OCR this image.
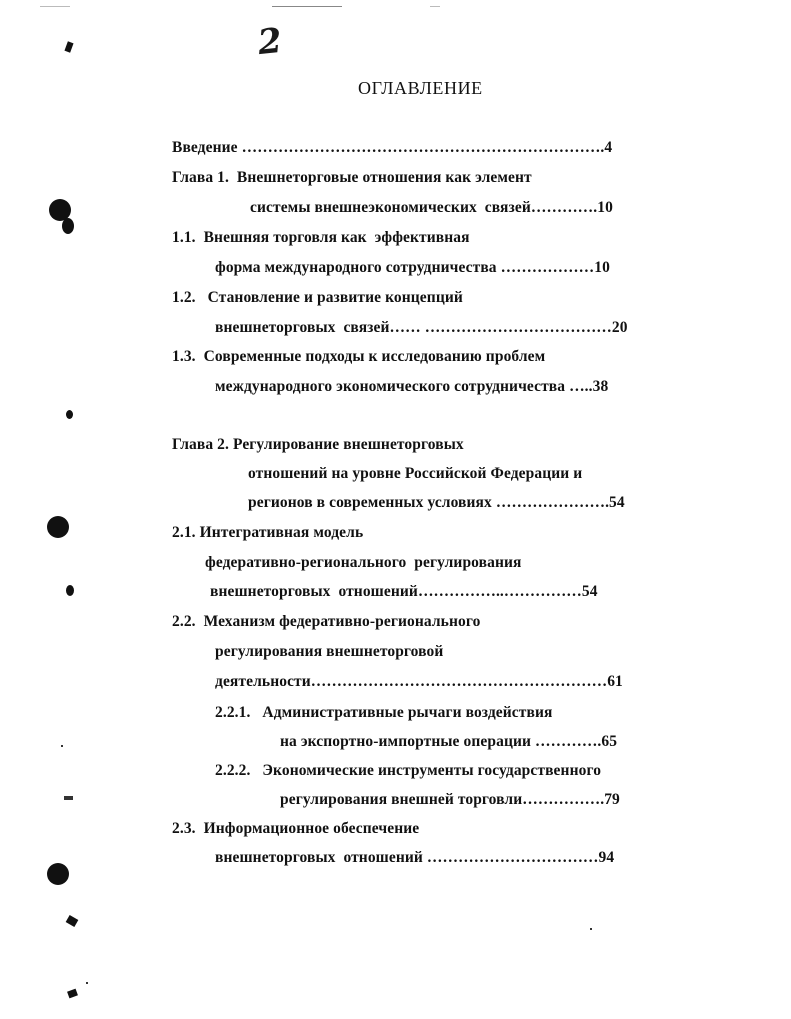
2
ОГЛАВЛЕНИЕ
Введение …………………………………………………………….4
Глава 1.  Внешнеторговые отношения как элемент
системы внешнеэкономических  связей………….10
1.1.  Внешняя торговля как  эффективная
форма международного сотрудничества ………………10
1.2.   Становление и развитие концепций
внешнеторговых  связей…… ………………………………20
1.3.  Современные подходы к исследованию проблем
международного экономического сотрудничества …..38
Глава 2. Регулирование внешнеторговых
отношений на уровне Российской Федерации и
регионов в современных условиях ………………….54
2.1. Интегративная модель
федеративно-регионального  регулирования
внешнеторговых  отношений……………..……………54
2.2.  Механизм федеративно-регионального
регулирования внешнеторговой
деятельности…………………………………………………61
2.2.1.   Административные рычаги воздействия
на экспортно-импортные операции ………….65
2.2.2.   Экономические инструменты государственного
регулирования внешней торговли…………….79
2.3.  Информационное обеспечение
внешнеторговых  отношений ……………………………94
